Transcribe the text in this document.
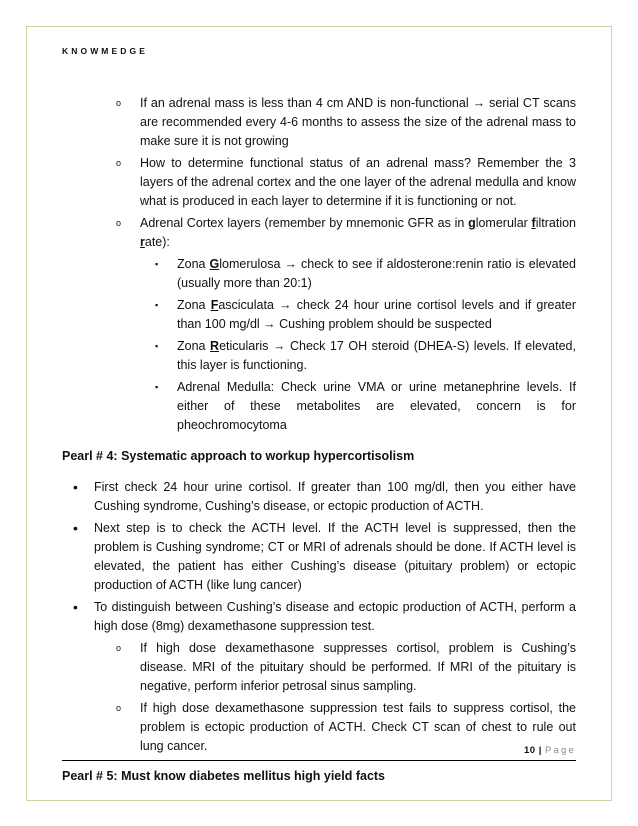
KNOWMEDGE
o If an adrenal mass is less than 4 cm AND is non-functional → serial CT scans are recommended every 4-6 months to assess the size of the adrenal mass to make sure it is not growing
o How to determine functional status of an adrenal mass? Remember the 3 layers of the adrenal cortex and the one layer of the adrenal medulla and know what is produced in each layer to determine if it is functioning or not.
o Adrenal Cortex layers (remember by mnemonic GFR as in glomerular filtration rate):
▪ Zona Glomerulosa → check to see if aldosterone:renin ratio is elevated (usually more than 20:1)
▪ Zona Fasciculata → check 24 hour urine cortisol levels and if greater than 100 mg/dl → Cushing problem should be suspected
▪ Zona Reticularis → Check 17 OH steroid (DHEA-S) levels. If elevated, this layer is functioning.
▪ Adrenal Medulla: Check urine VMA or urine metanephrine levels. If either of these metabolites are elevated, concern is for pheochromocytoma
Pearl # 4: Systematic approach to workup hypercortisolism
• First check 24 hour urine cortisol. If greater than 100 mg/dl, then you either have Cushing syndrome, Cushing’s disease, or ectopic production of ACTH.
• Next step is to check the ACTH level. If the ACTH level is suppressed, then the problem is Cushing syndrome; CT or MRI of adrenals should be done. If ACTH level is elevated, the patient has either Cushing’s disease (pituitary problem) or ectopic production of ACTH (like lung cancer)
• To distinguish between Cushing’s disease and ectopic production of ACTH, perform a high dose (8mg) dexamethasone suppression test.
o If high dose dexamethasone suppresses cortisol, problem is Cushing’s disease. MRI of the pituitary should be performed. If MRI of the pituitary is negative, perform inferior petrosal sinus sampling.
o If high dose dexamethasone suppression test fails to suppress cortisol, the problem is ectopic production of ACTH. Check CT scan of chest to rule out lung cancer.
Pearl # 5: Must know diabetes mellitus high yield facts
10 | Page
